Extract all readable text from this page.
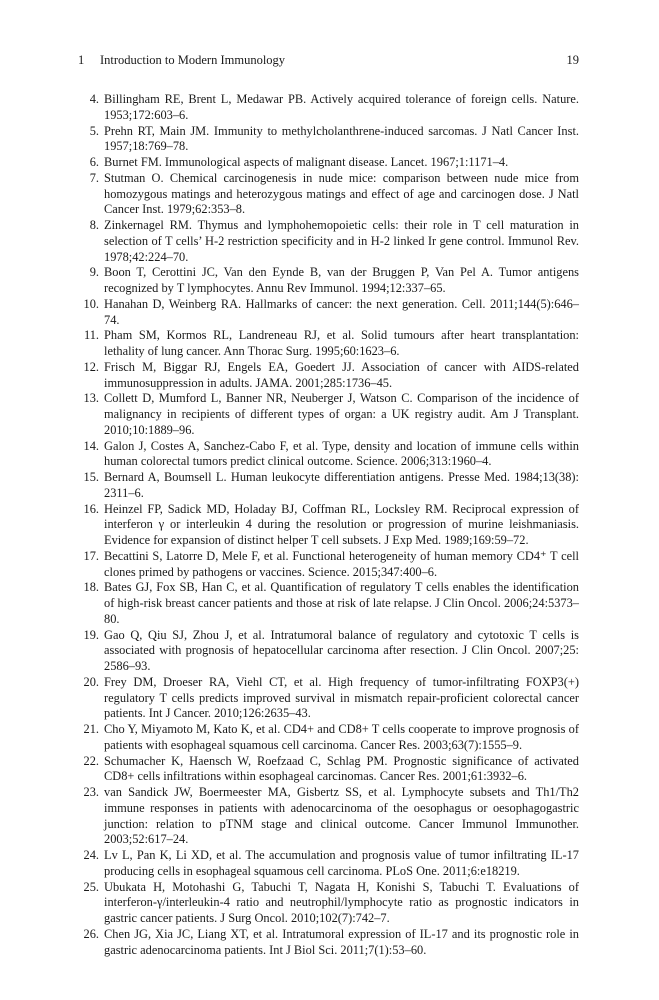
1 Introduction to Modern Immunology	19
4. Billingham RE, Brent L, Medawar PB. Actively acquired tolerance of foreign cells. Nature. 1953;172:603–6.
5. Prehn RT, Main JM. Immunity to methylcholanthrene-induced sarcomas. J Natl Cancer Inst. 1957;18:769–78.
6. Burnet FM. Immunological aspects of malignant disease. Lancet. 1967;1:1171–4.
7. Stutman O. Chemical carcinogenesis in nude mice: comparison between nude mice from homozygous matings and heterozygous matings and effect of age and carcinogen dose. J Natl Cancer Inst. 1979;62:353–8.
8. Zinkernagel RM. Thymus and lymphohemopoietic cells: their role in T cell maturation in selection of T cells’ H-2 restriction specificity and in H-2 linked Ir gene control. Immunol Rev. 1978;42:224–70.
9. Boon T, Cerottini JC, Van den Eynde B, van der Bruggen P, Van Pel A. Tumor antigens recognized by T lymphocytes. Annu Rev Immunol. 1994;12:337–65.
10. Hanahan D, Weinberg RA. Hallmarks of cancer: the next generation. Cell. 2011;144(5):646–74.
11. Pham SM, Kormos RL, Landreneau RJ, et al. Solid tumours after heart transplantation: lethality of lung cancer. Ann Thorac Surg. 1995;60:1623–6.
12. Frisch M, Biggar RJ, Engels EA, Goedert JJ. Association of cancer with AIDS-related immunosuppression in adults. JAMA. 2001;285:1736–45.
13. Collett D, Mumford L, Banner NR, Neuberger J, Watson C. Comparison of the incidence of malignancy in recipients of different types of organ: a UK registry audit. Am J Transplant. 2010;10:1889–96.
14. Galon J, Costes A, Sanchez-Cabo F, et al. Type, density and location of immune cells within human colorectal tumors predict clinical outcome. Science. 2006;313:1960–4.
15. Bernard A, Boumsell L. Human leukocyte differentiation antigens. Presse Med. 1984;13(38): 2311–6.
16. Heinzel FP, Sadick MD, Holaday BJ, Coffman RL, Locksley RM. Reciprocal expression of interferon γ or interleukin 4 during the resolution or progression of murine leishmaniasis. Evidence for expansion of distinct helper T cell subsets. J Exp Med. 1989;169:59–72.
17. Becattini S, Latorre D, Mele F, et al. Functional heterogeneity of human memory CD4⁺ T cell clones primed by pathogens or vaccines. Science. 2015;347:400–6.
18. Bates GJ, Fox SB, Han C, et al. Quantification of regulatory T cells enables the identification of high-risk breast cancer patients and those at risk of late relapse. J Clin Oncol. 2006;24:5373–80.
19. Gao Q, Qiu SJ, Zhou J, et al. Intratumoral balance of regulatory and cytotoxic T cells is associated with prognosis of hepatocellular carcinoma after resection. J Clin Oncol. 2007;25: 2586–93.
20. Frey DM, Droeser RA, Viehl CT, et al. High frequency of tumor-infiltrating FOXP3(+) regulatory T cells predicts improved survival in mismatch repair-proficient colorectal cancer patients. Int J Cancer. 2010;126:2635–43.
21. Cho Y, Miyamoto M, Kato K, et al. CD4+ and CD8+ T cells cooperate to improve prognosis of patients with esophageal squamous cell carcinoma. Cancer Res. 2003;63(7):1555–9.
22. Schumacher K, Haensch W, Roefzaad C, Schlag PM. Prognostic significance of activated CD8+ cells infiltrations within esophageal carcinomas. Cancer Res. 2001;61:3932–6.
23. van Sandick JW, Boermeester MA, Gisbertz SS, et al. Lymphocyte subsets and Th1/Th2 immune responses in patients with adenocarcinoma of the oesophagus or oesophagogastric junction: relation to pTNM stage and clinical outcome. Cancer Immunol Immunother. 2003;52:617–24.
24. Lv L, Pan K, Li XD, et al. The accumulation and prognosis value of tumor infiltrating IL-17 producing cells in esophageal squamous cell carcinoma. PLoS One. 2011;6:e18219.
25. Ubukata H, Motohashi G, Tabuchi T, Nagata H, Konishi S, Tabuchi T. Evaluations of interferon-γ/interleukin-4 ratio and neutrophil/lymphocyte ratio as prognostic indicators in gastric cancer patients. J Surg Oncol. 2010;102(7):742–7.
26. Chen JG, Xia JC, Liang XT, et al. Intratumoral expression of IL-17 and its prognostic role in gastric adenocarcinoma patients. Int J Biol Sci. 2011;7(1):53–60.
